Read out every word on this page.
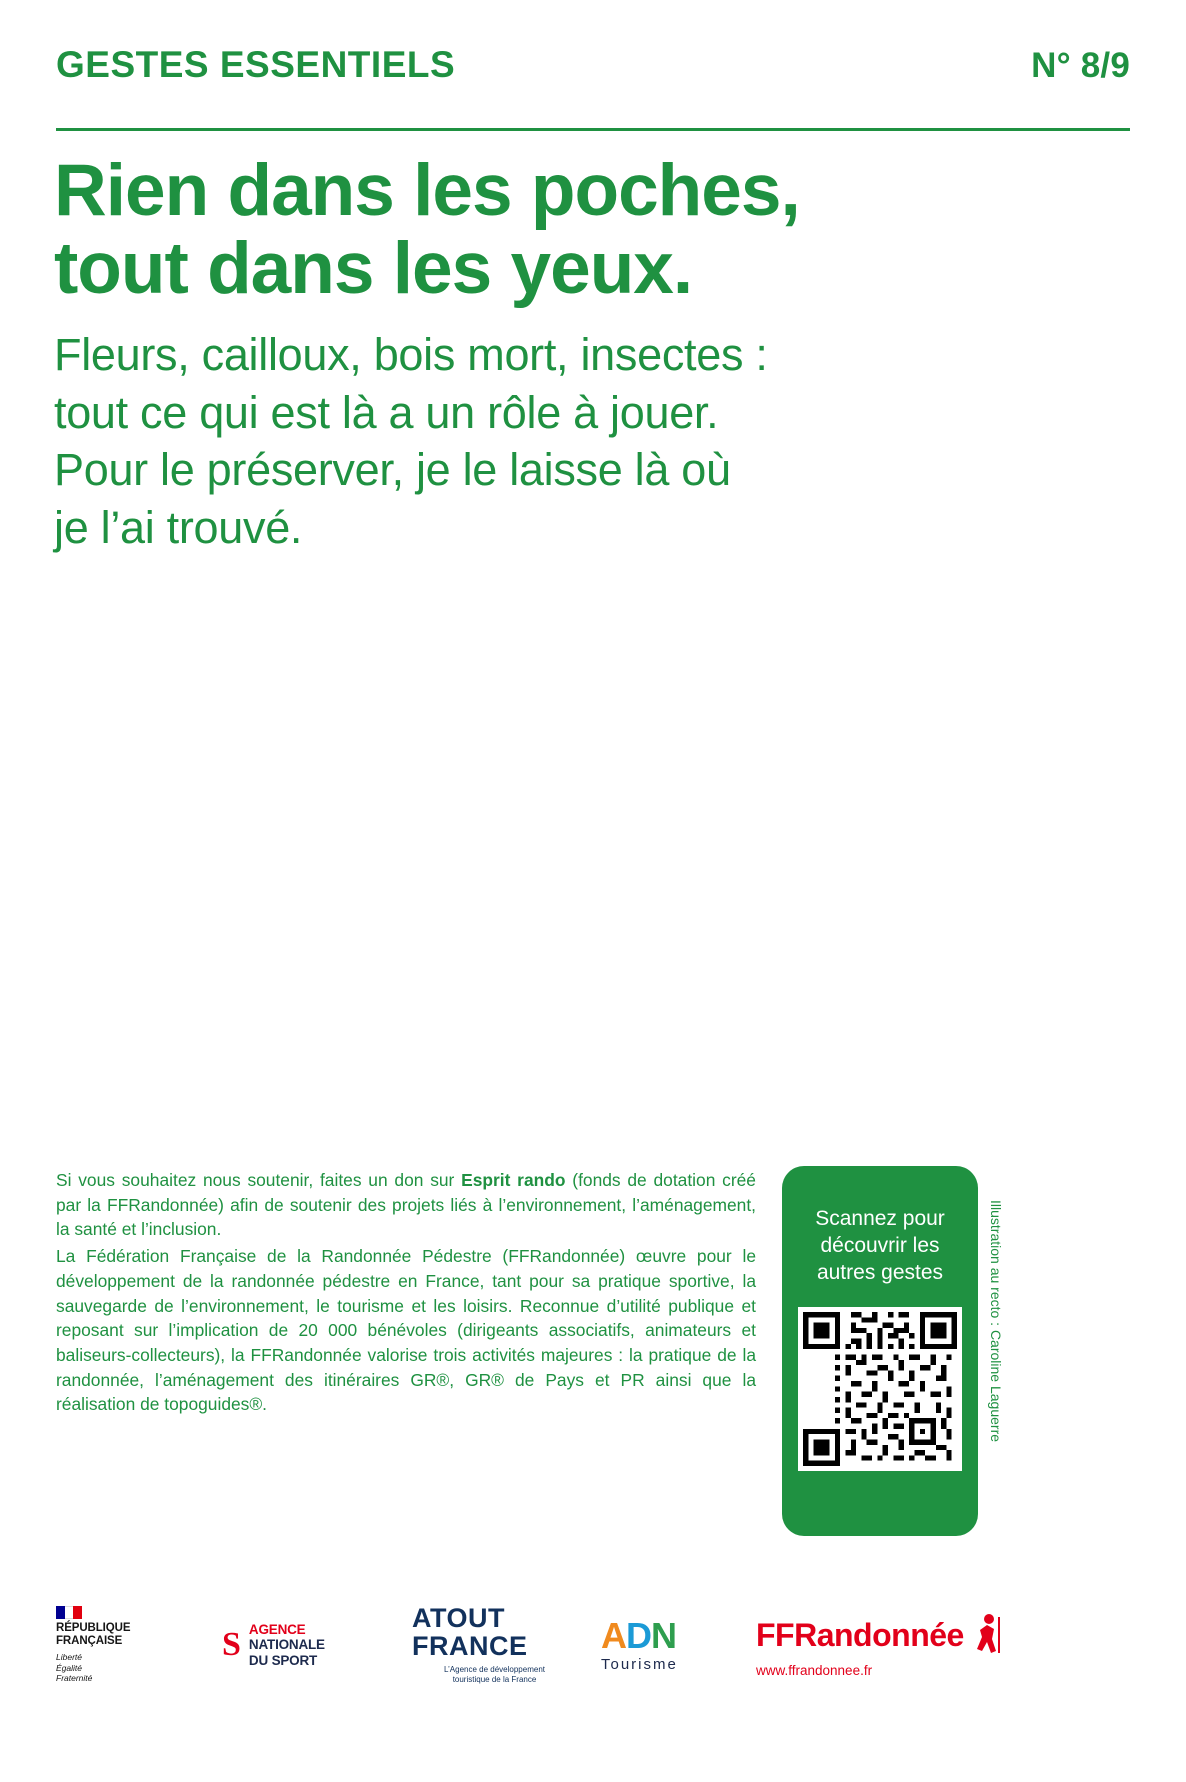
GESTES ESSENTIELS	N° 8/9
Rien dans les poches,
tout dans les yeux.
Fleurs, cailloux, bois mort, insectes :
tout ce qui est là a un rôle à jouer.
Pour le préserver, je le laisse là où
je l’ai trouvé.

Si vous souhaitez nous soutenir, faites un don sur Esprit rando (fonds de dotation créé par la FFRandonnée) afin de soutenir des projets liés à l’environnement, l’aménagement, la santé et l’inclusion.

La Fédération Française de la Randonnée Pédestre (FFRandonnée) œuvre pour le développement de la randonnée pédestre en France, tant pour sa pratique sportive, la sauvegarde de l’environnement, le tourisme et les loisirs. Reconnue d’utilité publique et reposant sur l’implication de 20 000 bénévoles (dirigeants associatifs, animateurs et baliseurs-collecteurs), la FFRandonnée valorise trois activités majeures : la pratique de la randonnée, l’aménagement des itinéraires GR®, GR® de Pays et PR ainsi que la réalisation de topoguides®.

Scannez pour
découvrir les
autres gestes	Illustration au recto : Caroline Laguerre
RÉPUBLIQUE
FRANÇAISE
Liberté
Égalité
Fraternité
S AGENCE
NATIONALE
DU SPORT
ATOUT
FRANCE
L’Agence de développement
touristique de la France
ADN
Tourisme
FFRandonnée
www.ffrandonnee.fr
